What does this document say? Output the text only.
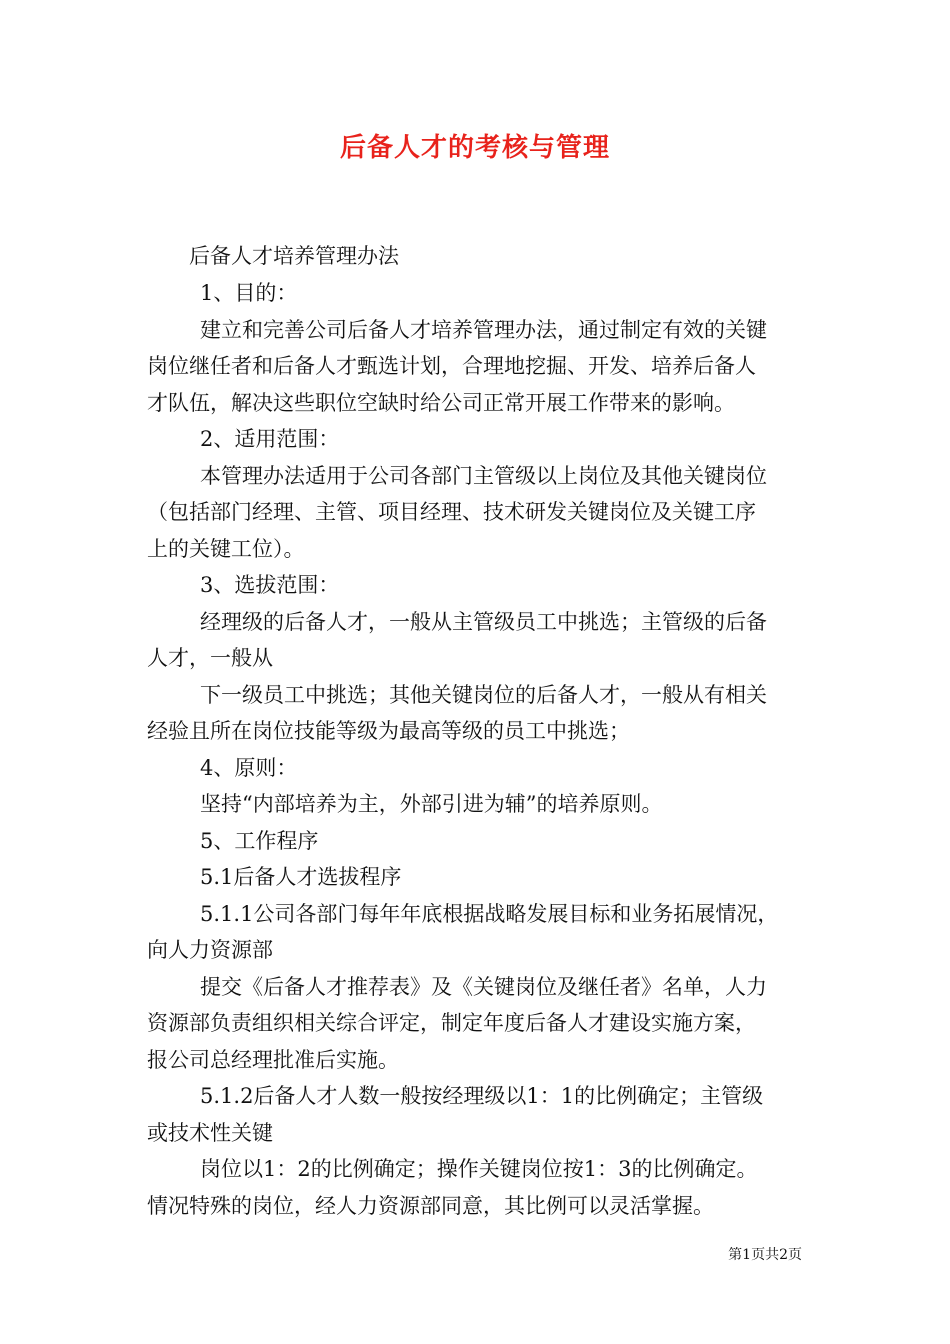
后备人才的考核与管理
后备人才培养管理办法
1、目的：
建立和完善公司后备人才培养管理办法，通过制定有效的关键
岗位继任者和后备人才甄选计划，合理地挖掘、开发、培养后备人
才队伍，解决这些职位空缺时给公司正常开展工作带来的影响。
2、适用范围：
本管理办法适用于公司各部门主管级以上岗位及其他关键岗位
（包括部门经理、主管、项目经理、技术研发关键岗位及关键工序
上的关键工位）。
3、选拔范围：
经理级的后备人才，一般从主管级员工中挑选；主管级的后备
人才，一般从
下一级员工中挑选；其他关键岗位的后备人才，一般从有相关
经验且所在岗位技能等级为最高等级的员工中挑选；
4、原则：
坚持“内部培养为主，外部引进为辅”的培养原则。
5、工作程序
5.1后备人才选拔程序
5.1.1公司各部门每年年底根据战略发展目标和业务拓展情况，
向人力资源部
提交《后备人才推荐表》及《关键岗位及继任者》名单，人力
资源部负责组织相关综合评定，制定年度后备人才建设实施方案，
报公司总经理批准后实施。
5.1.2后备人才人数一般按经理级以1：1的比例确定；主管级
或技术性关键
岗位以1：2的比例确定；操作关键岗位按1：3的比例确定。
情况特殊的岗位，经人力资源部同意，其比例可以灵活掌握。
第1页共2页
